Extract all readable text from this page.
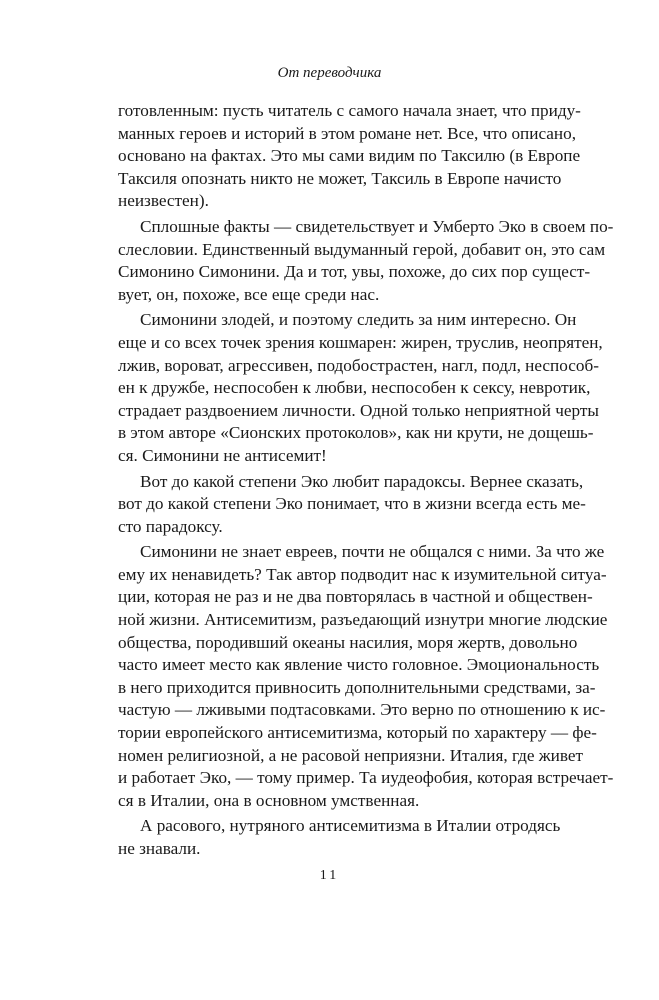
От переводчика
готовленным: пусть читатель с самого начала знает, что приду-
манных героев и историй в этом романе нет. Все, что описано,
основано на фактах. Это мы сами видим по Таксилю (в Европе
Таксиля опознать никто не может, Таксиль в Европе начисто
неизвестен).
Сплошные факты — свидетельствует и Умберто Эко в своем по-
слесловии. Единственный выдуманный герой, добавит он, это сам
Симонино Симонини. Да и тот, увы, похоже, до сих пор сущест-
вует, он, похоже, все еще среди нас.
Симонини злодей, и поэтому следить за ним интересно. Он
еще и со всех точек зрения кошмарен: жирен, труслив, неопрятен,
лжив, вороват, агрессивен, подобострастен, нагл, подл, неспособ-
ен к дружбе, неспособен к любви, неспособен к сексу, невротик,
страдает раздвоением личности. Одной только неприятной черты
в этом авторе «Сионских протоколов», как ни крути, не дощешь-
ся. Симонини не антисемит!
Вот до какой степени Эко любит парадоксы. Вернее сказать,
вот до какой степени Эко понимает, что в жизни всегда есть ме-
сто парадоксу.
Симонини не знает евреев, почти не общался с ними. За что же
ему их ненавидеть? Так автор подводит нас к изумительной ситуа-
ции, которая не раз и не два повторялась в частной и обществен-
ной жизни. Антисемитизм, разъедающий изнутри многие людские
общества, породивший океаны насилия, моря жертв, довольно
часто имеет место как явление чисто головное. Эмоциональность
в него приходится привносить дополнительными средствами, за-
частую — лживыми подтасовками. Это верно по отношению к ис-
тории европейского антисемитизма, который по характеру — фе-
номен религиозной, а не расовой неприязни. Италия, где живет
и работает Эко, — тому пример. Та иудеофобия, которая встречает-
ся в Италии, она в основном умственная.
А расового, нутряного антисемитизма в Италии отродясь
не знавали.
11
